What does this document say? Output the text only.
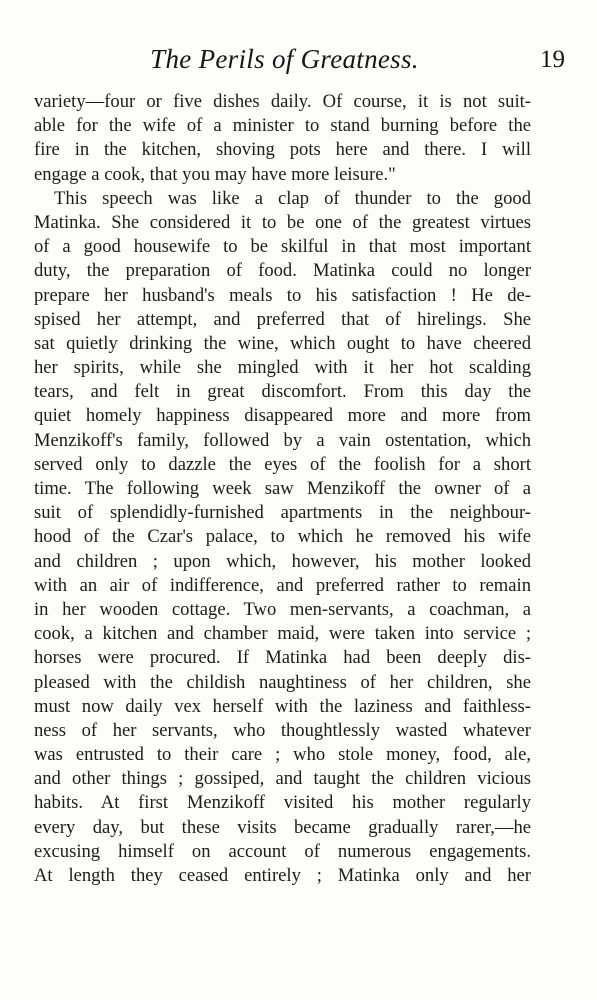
The Perils of Greatness.	19
variety—four or five dishes daily. Of course, it is not suit-
able for the wife of a minister to stand burning before the
fire in the kitchen, shoving pots here and there. I will
engage a cook, that you may have more leisure."
This speech was like a clap of thunder to the good
Matinka. She considered it to be one of the greatest virtues
of a good housewife to be skilful in that most important
duty, the preparation of food. Matinka could no longer
prepare her husband's meals to his satisfaction ! He de-
spised her attempt, and preferred that of hirelings. She
sat quietly drinking the wine, which ought to have cheered
her spirits, while she mingled with it her hot scalding
tears, and felt in great discomfort. From this day the
quiet homely happiness disappeared more and more from
Menzikoff's family, followed by a vain ostentation, which
served only to dazzle the eyes of the foolish for a short
time. The following week saw Menzikoff the owner of a
suit of splendidly-furnished apartments in the neighbour-
hood of the Czar's palace, to which he removed his wife
and children ; upon which, however, his mother looked
with an air of indifference, and preferred rather to remain
in her wooden cottage. Two men-servants, a coachman, a
cook, a kitchen and chamber maid, were taken into service ;
horses were procured. If Matinka had been deeply dis-
pleased with the childish naughtiness of her children, she
must now daily vex herself with the laziness and faithless-
ness of her servants, who thoughtlessly wasted whatever
was entrusted to their care ; who stole money, food, ale,
and other things ; gossiped, and taught the children vicious
habits. At first Menzikoff visited his mother regularly
every day, but these visits became gradually rarer,—he
excusing himself on account of numerous engagements.
At length they ceased entirely ; Matinka only and her
